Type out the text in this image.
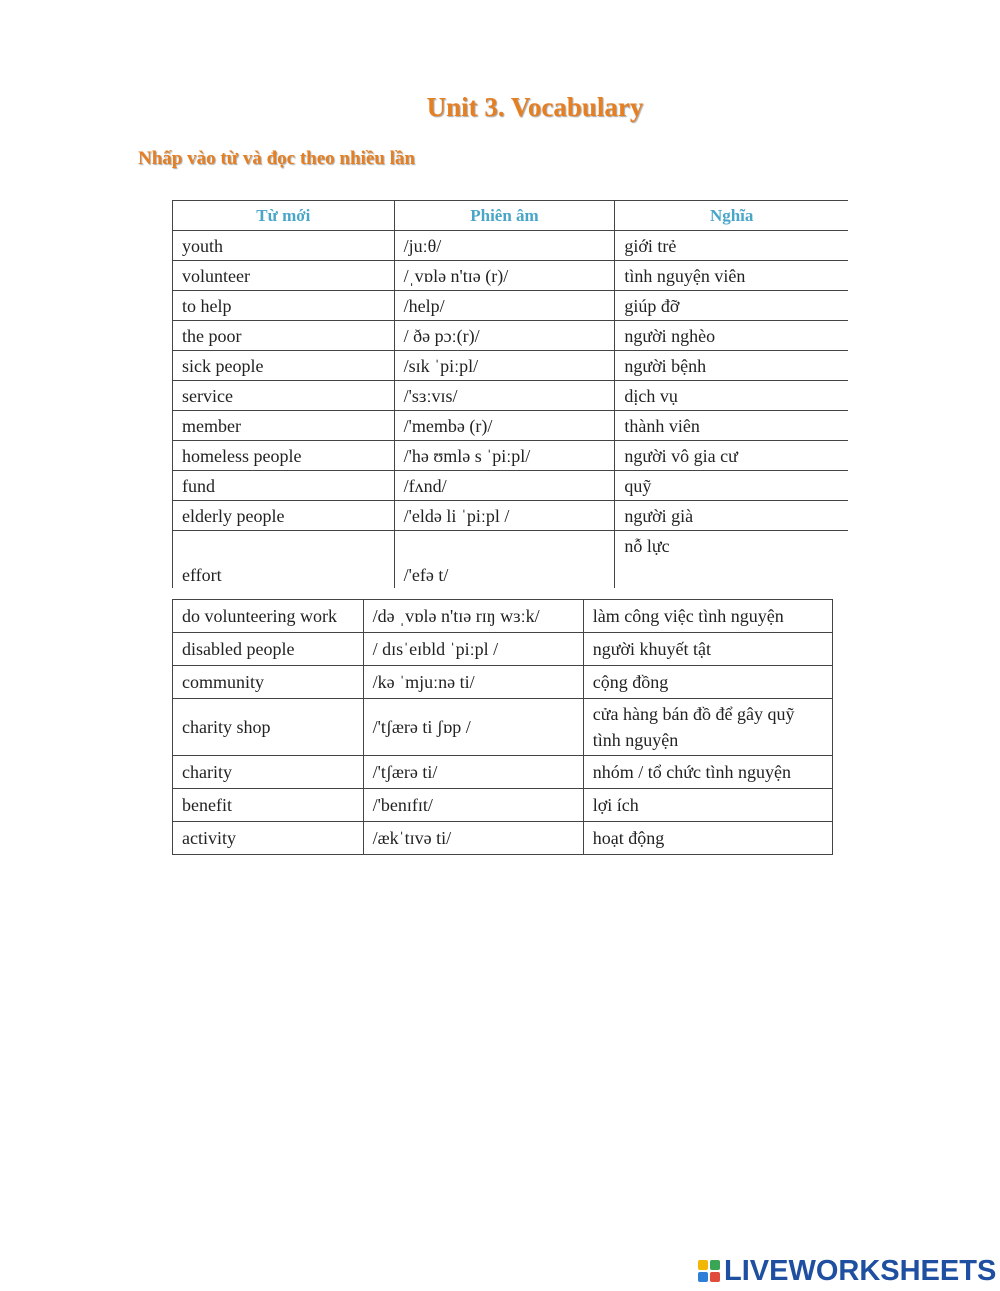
Unit 3. Vocabulary
Nhấp vào từ và đọc theo nhiều lần
Từ mới	Phiên âm	Nghĩa
youth	/juːθ/	giới trẻ
volunteer	/ˌvɒlə n'tɪə (r)/	tình nguyện viên
to help	/help/	giúp đỡ
the poor	/ ðə pɔː(r)/	người nghèo
sick people	/sɪk ˈpiːpl/	người bệnh
service	/'sɜːvɪs/	dịch vụ
member	/'membə (r)/	thành viên
homeless people	/'hə ʊmlə s ˈpiːpl/	người vô gia cư
fund	/fʌnd/	quỹ
elderly people	/'eldə li ˈpiːpl /	người già
effort	/'efə t/	nỗ lực
do volunteering work	/də ˌvɒlə n'tɪə rɪŋ wɜːk/	làm công việc tình nguyện
disabled people	/ dɪsˈeɪbld ˈpiːpl /	người khuyết tật
community	/kə ˈmjuːnə ti/	cộng đồng
charity shop	/'tʃærə ti ʃɒp /	cửa hàng bán đồ để gây quỹ tình nguyện
charity	/'tʃærə ti/	nhóm / tổ chức tình nguyện
benefit	/'benɪfɪt/	lợi ích
activity	/ækˈtɪvə ti/	hoạt động
LIVEWORKSHEETS
